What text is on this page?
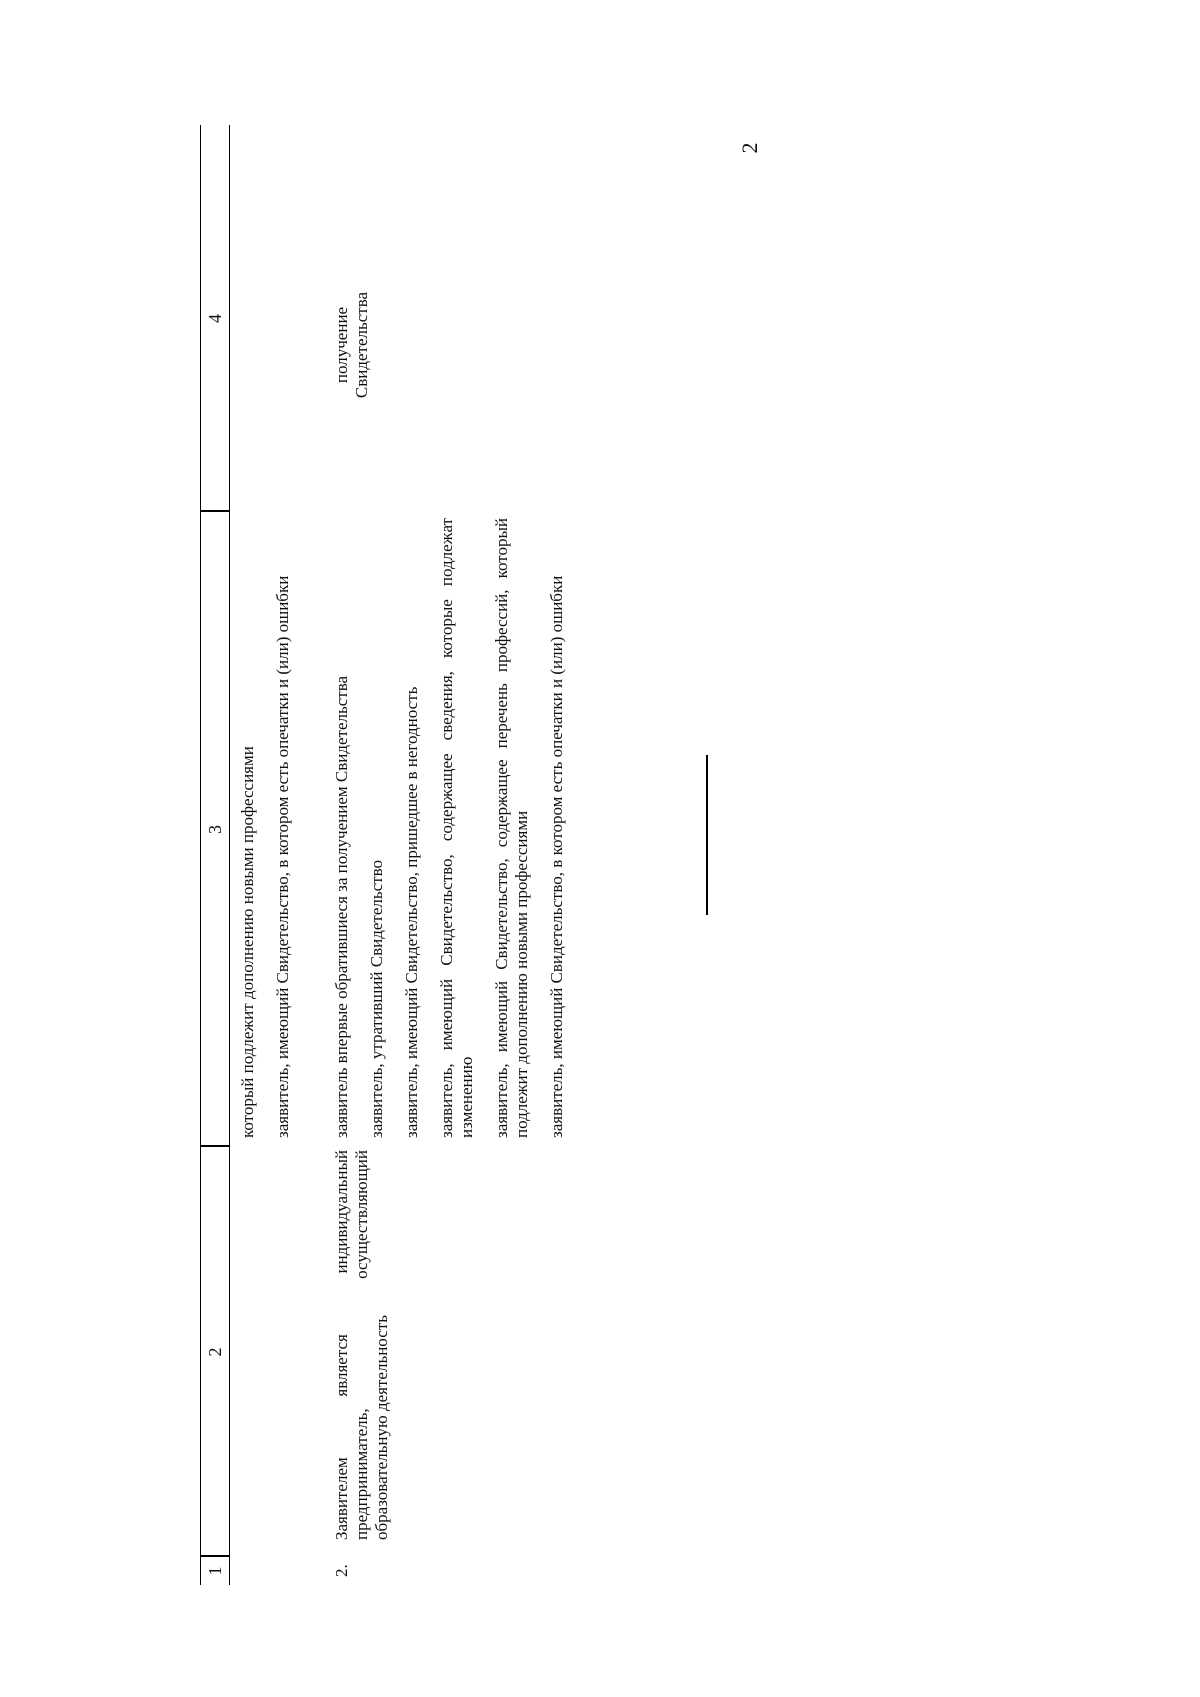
2
1
2
3
4

который подлежит дополнению новыми профессиями заявитель, имеющий Свидетельство, в котором есть опечатки и (или) ошибки

2.
Заявителем является индивидуальный предприниматель, осуществляющий образовательную деятельность

заявитель впервые обратившиеся за получением Свидетельства заявитель, утративший Свидетельство заявитель, имеющий Свидетельство, пришедшее в негодность заявитель, имеющий Свидетельство, содержащее сведения, которые подлежат изменению заявитель, имеющий Свидетельство, содержащее перечень профессий, который подлежит дополнению новыми профессиями заявитель, имеющий Свидетельство, в котором есть опечатки и (или) ошибки

получение Свидетельства
